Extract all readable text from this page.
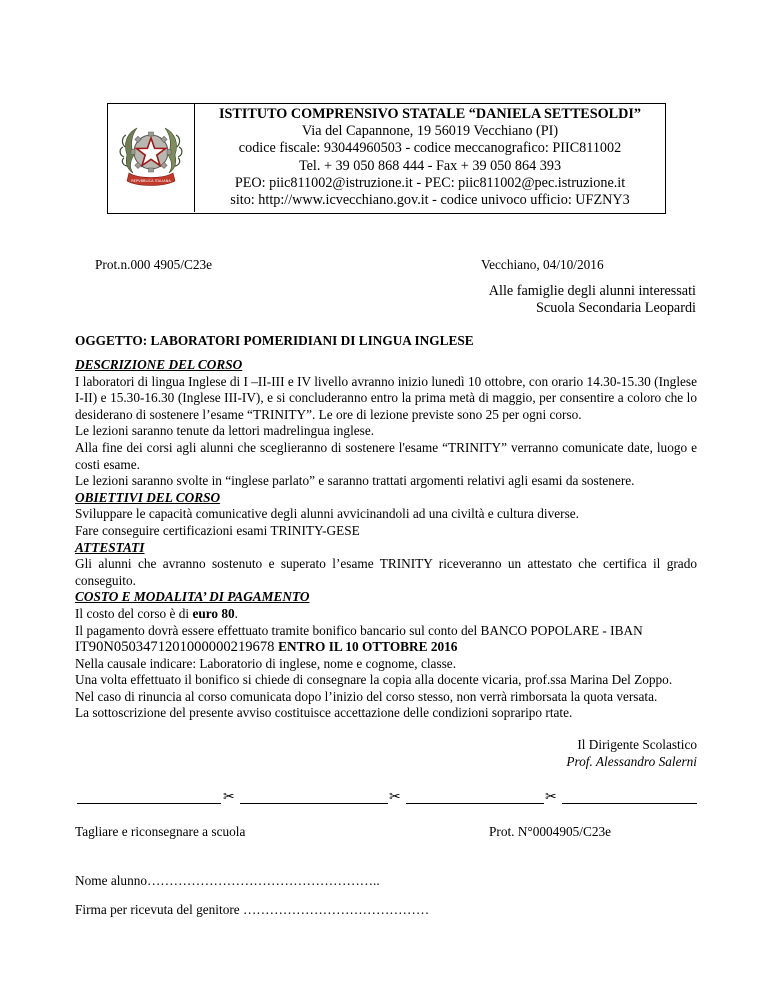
REPVBBLICA ITALIANA
ISTITUTO COMPRENSIVO STATALE “DANIELA SETTESOLDI”
Via del Capannone, 19 56019 Vecchiano (PI)
codice fiscale: 93044960503 - codice meccanografico: PIIC811002
Tel. + 39 050 868 444 - Fax + 39 050 864 393
PEO: piic811002@istruzione.it - PEC: piic811002@pec.istruzione.it
sito: http://www.icvecchiano.gov.it - codice univoco ufficio: UFZNY3
Prot.n.000 4905/C23e	Vecchiano, 04/10/2016
Alle famiglie degli alunni interessati
Scuola Secondaria Leopardi
OGGETTO: LABORATORI POMERIDIANI DI LINGUA INGLESE

DESCRIZIONE DEL CORSO

I laboratori di lingua Inglese di I –II-III e IV livello avranno inizio lunedì 10 ottobre, con orario 14.30-15.30 (Inglese I-II) e 15.30-16.30 (Inglese III-IV), e si concluderanno entro la prima metà di maggio, per consentire a coloro che lo desiderano di sostenere l’esame “TRINITY”. Le ore di lezione previste sono 25 per ogni corso.

Le lezioni saranno tenute da lettori madrelingua inglese.

Alla fine dei corsi agli alunni che sceglieranno di sostenere l'esame “TRINITY” verranno comunicate date, luogo e costi esame.

Le lezioni saranno svolte in “inglese parlato” e saranno trattati argomenti relativi agli esami da sostenere.

OBIETTIVI DEL CORSO

Sviluppare le capacità comunicative degli alunni avvicinandoli ad una civiltà e cultura diverse.

Fare conseguire certificazioni esami TRINITY-GESE

ATTESTATI

Gli alunni che avranno sostenuto e superato l’esame TRINITY riceveranno un attestato che certifica il grado conseguito.

COSTO E MODALITA’ DI PAGAMENTO

Il costo del corso è di euro 80.

Il pagamento dovrà essere effettuato tramite bonifico bancario sul conto del BANCO POPOLARE - IBAN

IT90N0503471201000000219678 ENTRO IL 10 OTTOBRE 2016

Nella causale indicare: Laboratorio di inglese, nome e cognome, classe.

Una volta effettuato il bonifico si chiede di consegnare la copia alla docente vicaria, prof.ssa Marina Del Zoppo.

Nel caso di rinuncia al corso comunicata dopo l’inizio del corso stesso, non verrà rimborsata la quota versata.

La sottoscrizione del presente avviso costituisce accettazione delle condizioni sopraripo rtate.

Il Dirigente Scolastico
Prof. Alessandro Salerni
✂	✂	✂
Tagliare e riconsegnare a scuola	Prot. N°0004905/C23e
Nome alunno……………………………………………..
Firma per ricevuta del genitore ……………………………………
